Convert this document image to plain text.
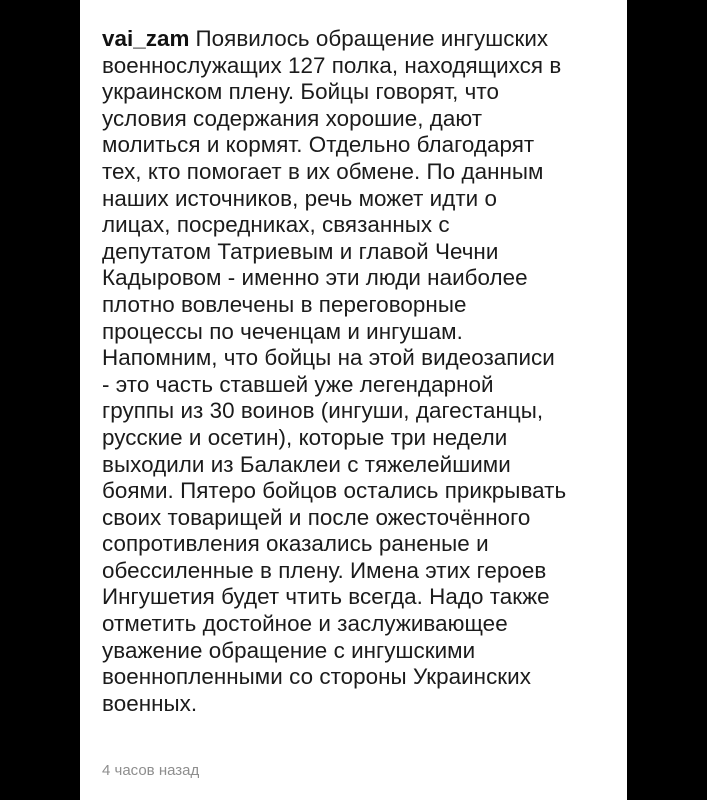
vai_zam Появилось обращение ингушских
военнослужащих 127 полка, находящихся в
украинском плену. Бойцы говорят, что
условия содержания хорошие, дают
молиться и кормят. Отдельно благодарят
тех, кто помогает в их обмене. По данным
наших источников, речь может идти о
лицах, посредниках, связанных с
депутатом Татриевым и главой Чечни
Кадыровом - именно эти люди наиболее
плотно вовлечены в переговорные
процессы по чеченцам и ингушам.
Напомним, что бойцы на этой видеозаписи
- это часть ставшей уже легендарной
группы из 30 воинов (ингуши, дагестанцы,
русские и осетин), которые три недели
выходили из Балаклеи с тяжелейшими
боями. Пятеро бойцов остались прикрывать
своих товарищей и после ожесточённого
сопротивления оказались раненые и
обессиленные в плену. Имена этих героев
Ингушетия будет чтить всегда. Надо также
отметить достойное и заслуживающее
уважение обращение с ингушскими
военнопленными со стороны Украинских
военных.
4 часов назад
